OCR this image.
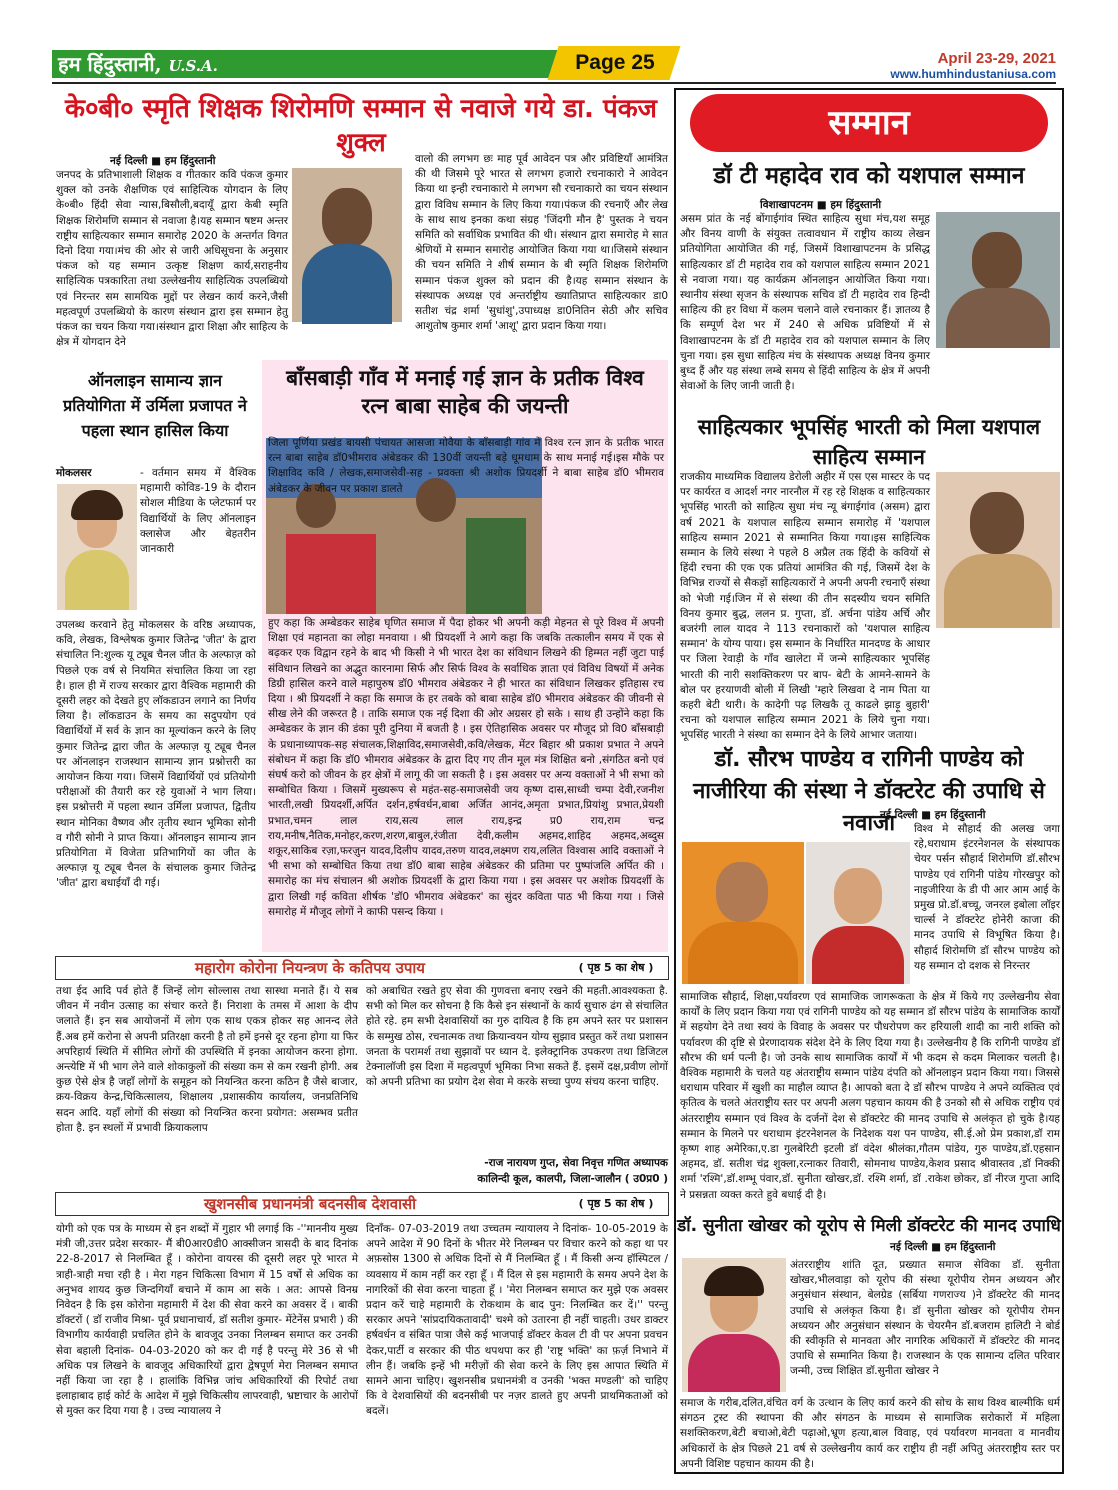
हम हिंदुस्तानी, U.S.A.	Page 25	April 23-29, 2021
www.humhindustaniusa.com
के०बी० स्मृति शिक्षक शिरोमणि सम्मान से नवाजे गये डा. पंकज शुक्ल
नई दिल्ली ■ हम हिंदुस्तानी
जनपद के प्रतिभाशाली शिक्षक व गीतकार कवि पंकज कुमार शुक्ल को उनके शैक्षणिक एवं साहित्यिक योगदान के लिए के०बी० हिंदी सेवा न्यास,बिसौली,बदायूँ द्वारा केबी स्मृति शिक्षक शिरोमणि सम्मान से नवाजा है।यह सम्मान षष्टम अन्तर राष्ट्रीय साहित्यकार सम्मान समारोह 2020 के अन्तर्गत विगत दिनो दिया गया।मंच की ओर से जारी अधिसूचना के अनुसार पंकज को यह सम्मान उत्कृष्ट शिक्षण कार्य,सराहनीय साहित्यिक पत्रकारिता तथा उल्लेखनीय साहित्यिक उपलब्धियो एवं निरन्तर सम सामयिक मुद्दों पर लेखन कार्य करने,जैसी महत्वपूर्ण उपलब्धियो के कारण संस्थान द्वारा इस सम्मान हेतु पंकज का चयन किया गया।संस्थान द्वारा शिक्षा और साहित्य के क्षेत्र में योगदान देने
वालो की लगभग छः माह पूर्व आवेदन पत्र और प्रविष्टियाँ आमंत्रित की थी जिसमे पूरे भारत से लगभग हजारो रचनाकारो ने आवेदन किया था इन्ही रचनाकारो मे लगभग सौ रचनाकारो का चयन संस्थान द्वारा विविध सम्मान के लिए किया गया।पंकज की रचनाएँ और लेख के साथ साथ इनका कथा संग्रह 'जिंदगी मौन है' पुस्तक ने चयन समिति को सर्वाधिक प्रभावित की थी। संस्थान द्वारा समारोह मे सात श्रेणियों मे सम्मान समारोह आयोजित किया गया था।जिसमे संस्थान की चयन समिति ने शीर्ष सम्मान के बी स्मृति शिक्षक शिरोमणि सम्मान पंकज शुक्ल को प्रदान की है।यह सम्मान संस्थान के संस्थापक अध्यक्ष एवं अन्तर्राष्ट्रीय ख्यातिप्राप्त साहित्यकार डा0 सतीश चंद्र शर्मा 'सुधांशु',उपाध्यक्ष डा0नितिन सेठी और सचिव आशुतोष कुमार शर्मा 'आशू' द्वारा प्रदान किया गया।
ऑनलाइन सामान्य ज्ञान प्रतियोगिता में उर्मिला प्रजापत ने पहला स्थान हासिल किया
मोकलसर	- वर्तमान समय में वैश्विक महामारी कोविड-19 के दौरान सोशल मीडिया के प्लेटफार्म पर विद्यार्थियों के लिए ऑनलाइन क्लासेज और बेहतरीन जानकारी
उपलब्ध करवाने हेतु मोकलसर के वरिष्ठ अध्यापक, कवि, लेखक, विश्लेषक कुमार जितेन्द्र 'जीत' के द्वारा संचालित नि:शुल्क यू ट्यूब चैनल जीत के अल्फाज़ को पिछले एक वर्ष से नियमित संचालित किया जा रहा है। हाल ही में राज्य सरकार द्वारा वैश्विक महामारी की दूसरी लहर को देखते हुए लॉकडाउन लगाने का निर्णय लिया है। लॉकडाउन के समय का सदुपयोग एवं विद्यार्थियों में सर्व के ज्ञान का मूल्यांकन करने के लिए कुमार जितेन्द्र द्वारा जीत के अल्फाज़ यू ट्यूब चैनल पर ऑनलाइन राजस्थान सामान्य ज्ञान प्रश्नोत्तरी का आयोजन किया गया। जिसमें विद्यार्थियों एवं प्रतियोगी परीक्षाओं की तैयारी कर रहे युवाओं ने भाग लिया। इस प्रश्नोत्तरी में पहला स्थान उर्मिला प्रजापत, द्वितीय स्थान मोनिका वैष्णव और तृतीय स्थान भूमिका सोनी व गौरी सोनी ने प्राप्त किया। ऑनलाइन सामान्य ज्ञान प्रतियोगिता में विजेता प्रतिभागियों का जीत के अल्फाज़ यू ट्यूब चैनल के संचालक कुमार जितेन्द्र 'जीत' द्वारा बधाईयाँ दी गई।
बाँसबाड़ी गाँव में मनाई गई ज्ञान के प्रतीक विश्व रत्न बाबा साहेब की जयन्ती
जिला पूर्णिया प्रखंड बायसी पंचायत आसजा मोवैया के बाँसबाड़ी गांव में विश्व रत्न ज्ञान के प्रतीक भारत रत्न बाबा साहेब डॉ0भीमराव अंबेडकर की 130वीं जयन्ती बड़े धूमधाम के साथ मनाई गई।इस मौके पर शिक्षाविद कवि / लेखक,समाजसेवी-सह - प्रवक्ता श्री अशोक प्रियदर्शी ने बाबा साहेब डॉ0 भीमराव अंबेडकर के जीवन पर प्रकाश डालते
हुए कहा कि अम्बेडकर साहेब घृणित समाज में पैदा होकर भी अपनी कड़ी मेहनत से पूरे विश्व में अपनी शिक्षा एवं महानता का लोहा मनवाया । श्री प्रियदर्शी ने आगे कहा कि जबकि तत्कालीन समय में एक से बढ़कर एक विद्वान रहने के बाद भी किसी ने भी भारत देश का संविधान लिखने की हिम्मत नहीं जुटा पाई संविधान लिखने का अद्भुत कारनामा सिर्फ और सिर्फ विश्व के सर्वाधिक ज्ञाता एवं विविध विषयों में अनेक डिग्री हासिल करने वाले महापुरुष डॉ0 भीमराव अंबेडकर ने ही भारत का संविधान लिखकर इतिहास रच दिया । श्री प्रियदर्शी ने कहा कि समाज के हर तबके को बाबा साहेब डॉ0 भीमराव अंबेडकर की जीवनी से सीख लेने की जरूरत है । ताकि समाज एक नई दिशा की ओर अग्रसर हो सके । साथ ही उन्होंने कहा कि अम्बेडकर के ज्ञान की डंका पूरी दुनिया में बजती है । इस ऐतिहासिक अवसर पर मौजूद प्रो वि0 बाँसबाड़ी के प्रधानाध्यापक-सह संचालक,शिक्षाविद,समाजसेवी,कवि/लेखक, मेंटर बिहार श्री प्रकाश प्रभात ने अपने संबोधन में कहा कि डॉ0 भीमराव अंबेडकर के द्वारा दिए गए तीन मूल मंत्र शिक्षित बनो ,संगठित बनो एवं संघर्ष करो को जीवन के हर क्षेत्रों में लागू की जा सकती है । इस अवसर पर अन्य वक्ताओं ने भी सभा को सम्बोधित किया । जिसमें मुख्यरूप से महंत-सह-समाजसेवी जय कृष्ण दास,साध्वी चम्पा देवी,रजनीश भारती,लखी प्रियदर्शी,अर्पित दर्शन,हर्षवर्धन,बाबा अर्जित आनंद,अमृता प्रभात,प्रियांशु प्रभात,प्रेयशी प्रभात,चमन लाल राय,सत्य लाल राय,इन्द्र प्र0 राय,राम चन्द्र राय,मनीष,नैतिक,मनोहर,करण,शरण,बाबुल,रंजीता देवी,कलीम अहमद,शाहिद अहमद,अब्दुस शकूर,साकिब रज़ा,फरज़ुन यादव,दिलीप यादव,तरुण यादव,लक्ष्मण राय,ललित विश्वास आदि वक्ताओं ने भी सभा को सम्बोधित किया तथा डॉ0 बाबा साहेब अंबेडकर की प्रतिमा पर पुष्पांजलि अर्पित की । समारोह का मंच संचालन श्री अशोक प्रियदर्शी के द्वारा किया गया । इस अवसर पर अशोक प्रियदर्शी के द्वारा लिखी गई कविता शीर्षक 'डॉ0 भीमराव अंबेडकर' का सुंदर कविता पाठ भी किया गया । जिसे समारोह में मौजूद लोगों ने काफी पसन्द किया ।
महारोग कोरोना नियन्त्रण के कतिपय उपाय	( पृष्ठ 5 का शेष )
तथा ईद आदि पर्व होते हैं जिन्हें लोग सोल्लास तथा सास्था मनाते हैं। ये सब जीवन में नवीन उत्साह का संचार करते हैं। निराशा के तमस में आशा के दीप जलाते हैं। इन सब आयोजनों में लोग एक साथ एकत्र होकर सह आनन्द लेते हैं.अब हमें करोना से अपनी प्रतिरक्षा करनी है तो हमें इनसे दूर रहना होगा या फिर अपरिहार्य स्थिति में सीमित लोगों की उपस्थिति में इनका आयोजन करना होगा. अन्त्येष्टि में भी भाग लेने वाले शोकाकुलों की संख्या कम से कम रखनी होगी. अब कुछ ऐसे क्षेत्र है जहाँ लोगों के समूहन को नियन्त्रित करना कठिन है जैसे बाजार, क्रय-विक्रय केन्द्र,चिकित्सालय, शिक्षालय ,प्रशासकीय कार्यालय, जनप्रतिनिधि सदन आदि. यहाँ लोगों की संख्या को नियन्त्रित करना प्रयोगत: असम्भव प्रतीत होता है. इन स्थलों में प्रभावी क्रियाकलाप
को अबाधित रखते हुए सेवा की गुणवत्ता बनाए रखने की महती.आवश्यकता है. सभी को मिल कर सोचना है कि कैसे इन संस्थानों के कार्य सुचारु ढंग से संचालित होते रहे. हम सभी देशवासियों का गुरु दायित्व है कि हम अपने स्तर पर प्रशासन के सम्मुख ठोस, रचनात्मक तथा क्रियान्वयन योग्य सुझाव प्रस्तुत करें तथा प्रशासन जनता के परामर्श तथा सुझावों पर ध्यान दे. इलेक्ट्रानिक उपकरण तथा डिजिटल टेक्नालॉजी इस दिशा में महत्वपूर्ण भूमिका निभा सकते हैं. इसमें दक्ष,प्रवीण लोगों को अपनी प्रतिभा का प्रयोग देश सेवा मे करके सच्चा पुण्य संचय करना चाहिए.
-राज नारायण गुप्त, सेवा निवृत्त गणित अध्यापक
कालिन्दी कूल, कालपी, जिला-जालौन ( उ0प्र0 )
खुशनसीब प्रधानमंत्री बदनसीब देशवासी	( पृष्ठ 5 का शेष )
योगी को एक पत्र के माध्यम से इन शब्दों में गुहार भी लगाई कि -''माननीय मुख्य मंत्री जी,उत्तर प्रदेश सरकार- मैं बी0आर0डी0 आक्सीजन त्रासदी के बाद दिनांक 22-8-2017 से निलम्बित हूँ । कोरोना वायरस की दूसरी लहर पूरे भारत मे त्राही-त्राही मचा रही है । मेरा गहन चिकित्सा विभाग में 15 वर्षो से अधिक का अनुभव शायद कुछ जिन्दगियाँ बचाने में काम आ सके । अत: आपसे विनम्र निवेदन है कि इस कोरोना महामारी में देश की सेवा करने का अवसर दें । बाकी डॉक्टरों ( डॉ राजीव मिश्रा- पूर्व प्रधानाचार्य, डॉ सतीश कुमार- मेंटेनेंस प्रभारी ) की विभागीय कार्यवाही प्रचलित होने के बावजूद उनका निलम्बन समाप्त कर उनकी सेवा बहाली दिनांक- 04-03-2020 को कर दी गई है परन्तु मेरे 36 से भी अधिक पत्र लिखने के बावजूद अधिकारियों द्वारा द्वेषपूर्ण मेरा निलम्बन समाप्त नहीं किया जा रहा है । हालांकि विभिन्न जांच अधिकारियों की रिपोर्ट तथा इलाहाबाद हाई कोर्ट के आदेश में मुझे चिकित्सीय लापरवाही, भ्रष्टाचार के आरोपों से मुक्त कर दिया गया है । उच्च न्यायालय ने
दिनाँक- 07-03-2019 तथा उच्चतम न्यायालय ने दिनांक- 10-05-2019 के अपने आदेश में 90 दिनों के भीतर मेरे निलम्बन पर विचार करने को कहा था पर अफ़सोस 1300 से अधिक दिनों से मैं निलम्बित हूँ । मैं किसी अन्य हॉस्पिटल / व्यवसाय में काम नहीं कर रहा हूँ । मैं दिल से इस महामारी के समय अपने देश के नागरिकों की सेवा करना चाहता हूँ । 'मेरा निलम्बन समाप्त कर मुझे एक अवसर प्रदान करें चाहे महामारी के रोकथाम के बाद पुन: निलम्बित कर दें।'' परन्तु सरकार अपने 'सांप्रदायिकतावादी' चश्मे को उतारना ही नहीं चाहती। उधर डाक्टर हर्षवर्धन व संबित पात्रा जैसे कई भाजपाई डॉक्टर केवल टी वी पर अपना प्रवचन देकर,पार्टी व सरकार की पीठ थपथपा कर ही 'राष्ट्र भक्ति' का फ़र्ज़ निभाने में लीन हैं। जबकि इन्हें भी मरीज़ों की सेवा करने के लिए इस आपात स्थिति में सामने आना चाहिए। खुशनसीब प्रधानमंत्री व उनकी 'भक्त मण्डली' को चाहिए कि वे देशवासियों की बदनसीबी पर नज़र डालते हुए अपनी प्राथमिकताओं को बदलें।
सम्मान
डॉ टी महादेव राव को यशपाल सम्मान
विशाखापटनम ■ हम हिंदुस्तानी
असम प्रांत के नई बोंगाईगांव स्थित साहित्य सुधा मंच,यश समूह और विनय वाणी के संयुक्त तत्वावधान में राष्ट्रीय काव्य लेखन प्रतियोगिता आयोजित की गई, जिसमें विशाखापटनम के प्रसिद्ध साहित्यकार डॉ टी महादेव राव को यशपाल साहित्य सम्मान 2021 से नवाजा गया। यह कार्यक्रम ऑनलाइन आयोजित किया गया। स्थानीय संस्था सृजन के संस्थापक सचिव डॉ टी महादेव राव हिन्दी साहित्य की हर विधा में कलम चलाने वाले रचनाकार हैं। ज्ञातव्य है कि सम्पूर्ण देश भर में 240 से अधिक प्रविष्टियों में से विशाखापटनम के डॉ टी महादेव राव को यशपाल सम्मान के लिए चुना गया। इस सुधा साहित्य मंच के संस्थापक अध्यक्ष विनय कुमार बुध्द हैं और यह संस्था लम्बे समय से हिंदी साहित्य के क्षेत्र में अपनी सेवाओं के लिए जानी जाती है।
साहित्यकार भूपसिंह भारती को मिला यशपाल साहित्य सम्मान
राजकीय माध्यमिक विद्यालय डेरोली अहीर में एस एस मास्टर के पद पर कार्यरत व आदर्श नगर नारनौल में रह रहे शिक्षक व साहित्यकार भूपसिंह भारती को साहित्य सुधा मंच न्यू बंगाईगांव (असम) द्वारा वर्ष 2021 के यशपाल साहित्य सम्मान समारोह में 'यशपाल साहित्य सम्मान 2021 से सम्मानित किया गया।इस साहित्यिक सम्मान के लिये संस्था ने पहले 8 अप्रैल तक हिंदी के कवियों से हिंदी रचना की एक एक प्रतियां आमंत्रित की गई, जिसमें देश के विभिन्न राज्यों से सैकड़ों साहित्यकारों ने अपनी अपनी रचनाएँ संस्था को भेजी गई।जिन में से संस्था की तीन सदस्यीय चयन समिति विनय कुमार बुद्ध, ललन प्र. गुप्ता, डॉ. अर्चना पांडेय अर्चि और बजरंगी लाल यादव ने 113 रचनाकारों को 'यशपाल साहित्य सम्मान' के योग्य पाया। इस सम्मान के निर्धारित मानदण्ड के आधार पर जिला रेवाड़ी के गाँव खालेटा में जन्मे साहित्यकार भूपसिंह भारती की नारी सशक्तिकरण पर बाप- बेटी के आमने-सामने के बोल पर हरयाणवी बोली में लिखी 'म्हारे लिखवा दे नाम पिता या कहरी बेटी थारी। के कादेगी पढ़ लिखकै तू काढले झाड़ू बुहारी' रचना को यशपाल साहित्य सम्मान 2021 के लिये चुना गया। भूपसिंह भारती ने संस्था का सम्मान देने के लिये आभार जताया।
डॉ. सौरभ पाण्डेय व रागिनी पाण्डेय को नाजीरिया की संस्था ने डॉक्टरेट की उपाधि से नवाजा
नई दिल्ली ■ हम हिंदुस्तानी
विश्व मे सौहार्द की अलख जगा रहे,धराधाम इंटरनेशनल के संस्थापक चेयर पर्सन सौहार्द शिरोमणि डॉ.सौरभ पाण्डेय एवं रागिनी पांडेय गोरखपुर को नाइजीरिया के डी पी आर आम आई के प्रमुख प्रो.डॉ.बच्चू, जनरल इबोला लॉइर चार्ल्स ने डॉक्टरेट होनेरी काजा की मानद उपाधि से विभूषित किया है। सौहार्द शिरोमणि डॉ सौरभ पाण्डेय को यह सम्मान दो दशक से निरन्तर
सामाजिक सौहार्द, शिक्षा,पर्यावरण एवं सामाजिक जागरूकता के क्षेत्र में किये गए उल्लेखनीय सेवा कार्यों के लिए प्रदान किया गया एवं रागिनी पाण्डेय को यह सम्मान डॉ सौरभ पांडेय के सामाजिक कार्यों में सहयोग देने तथा स्वयं के विवाह के अवसर पर पौधरोपण कर हरियाली शादी का नारी शक्ति को पर्यावरण की दृष्टि से प्रेरणादायक संदेश देने के लिए दिया गया है। उल्लेखनीय है कि रागिनी पाण्डेय डॉ सौरभ की धर्म पत्नी है। जो उनके साथ सामाजिक कार्यों में भी कदम से कदम मिलाकर चलती है।वैश्विक महामारी के चलते यह अंतराष्ट्रीय सम्मान पांडेय दंपति को ऑनलाइन प्रदान किया गया। जिससे धराधाम परिवार में खुशी का माहौल व्याप्त है। आपको बता दे डॉ सौरभ पाण्डेय ने अपने व्यक्तित्व एवं कृतित्व के चलते अंतराष्ट्रीय स्तर पर अपनी अलग पहचान कायम की है उनको सौ से अधिक राष्ट्रीय एवं अंतरराष्ट्रीय सम्मान एवं विश्व के दर्जनों देश से डॉक्टरेट की मानद उपाधि से अलंकृत हो चुके है।यह सम्मान के मिलने पर धराधाम इंटरनेशनल के निदेशक यश पन पाण्डेय, सी.ई.ओ प्रेम प्रकाश,डॉ राम कृष्ण शाह अमेरिका,ए.डा गुलबेरिटी इटली डॉ वंदेश श्रीलंका,गौतम पांडेय, गुरु पाण्डेय,डॉ.एहसान अहमद, डॉ. सतीश चंद्र शुक्ला,रत्नाकर तिवारी, सोमनाथ पाण्डेय,केशव प्रसाद श्रीवास्तव ,डॉ निक्की शर्मा 'रश्मि',डॉ.शम्भू पंवार,डॉ. सुनीता खोखर,डॉ. रश्मि शर्मा, डॉ .राकेश छोकर, डॉ नीरज गुप्ता आदि ने प्रसन्नता व्यक्त करते हुवे बधाई दी है।
डॉ. सुनीता खोखर को यूरोप से मिली डॉक्टरेट की मानद उपाधि
नई दिल्ली ■ हम हिंदुस्तानी
अंतरराष्ट्रीय शांति दूत, प्रख्यात समाज सेविका डॉ. सुनीता खोखर,भीलवाड़ा को यूरोप की संस्था यूरोपीय रोमन अध्ययन और अनुसंधान संस्थान, बेलग्रेड (सर्बिया गणराज्य )ने डॉक्टरेट की मानद उपाधि से अलंकृत किया है। डॉ सुनीता खोखर को यूरोपीय रोमन अध्ययन और अनुसंधान संस्थान के चेयरमैन डॉ.बजराम हालिटी ने बोर्ड की स्वीकृति से मानवता और नागरिक अधिकारों में डॉक्टरेट की मानद उपाधि से सम्मानित किया है। राजस्थान के एक सामान्य दलित परिवार जन्मी, उच्च शिक्षित डॉ.सुनीता खोखर ने
समाज के गरीब,दलित,वंचित वर्ग के उत्थान के लिए कार्य करने की सोच के साथ विश्व बाल्मीकि धर्म संगठन ट्रस्ट की स्थापना की और संगठन के माध्यम से सामाजिक सरोकारों में महिला सशक्तिकरण,बेटी बचाओ,बेटी पढ़ाओ,भ्रूण हत्या,बाल विवाह, एवं पर्यावरण मानवता व मानवीय अधिकारों के क्षेत्र पिछले 21 वर्ष से उल्लेखनीय कार्य कर राष्ट्रीय ही नहीं अपितु अंतरराष्ट्रीय स्तर पर अपनी विशिष्ट पहचान कायम की है।
